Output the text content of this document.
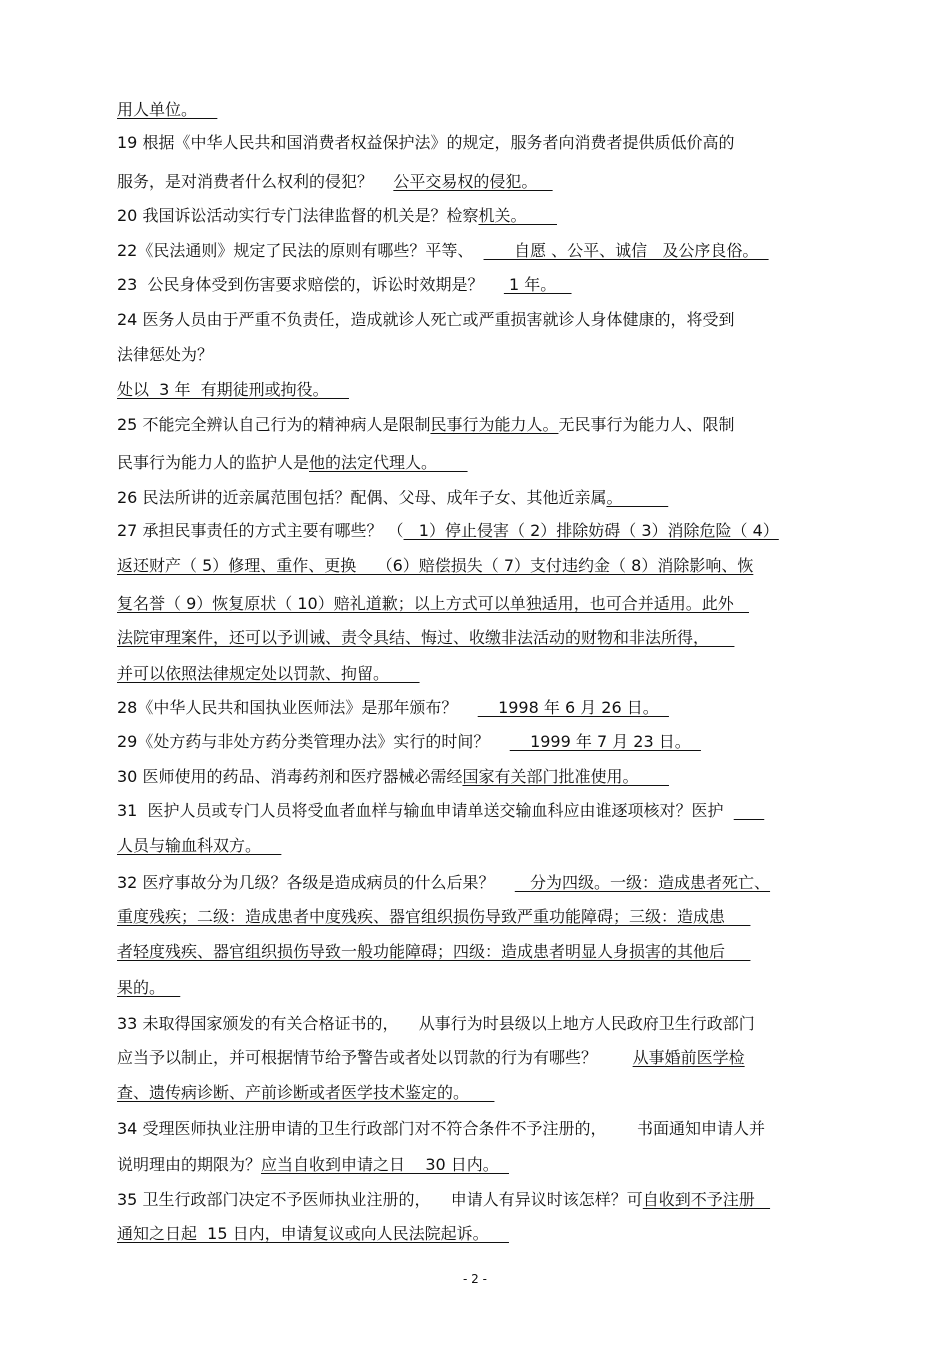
用人单位。
19 根据《中华人民共和国消费者权益保护法》的规定，服务者向消费者提供质低价高的
服务，是对消费者什么权利的侵犯？    公平交易权的侵犯。
20 我国诉讼活动实行专门法律监督的机关是？检察机关。
22《民法通则》规定了民法的原则有哪些？平等、        自愿 、公平、诚信   及公序良俗。
23  公民身体受到伤害要求赔偿的，诉讼时效期是？     1 年。
24 医务人员由于严重不负责任，造成就诊人死亡或严重损害就诊人身体健康的，将受到
法律惩处为？
处以  3 年  有期徒刑或拘役。
25 不能完全辨认自己行为的精神病人是限制民事行为能力人。无民事行为能力人、限制
民事行为能力人的监护人是他的法定代理人。
26 民法所讲的近亲属范围包括？配偶、父母、成年子女、其他近亲属。
27 承担民事责任的方式主要有哪些？ （   1）停止侵害（ 2）排除妨碍（ 3）消除危险（ 4）
返还财产（ 5）修理、重作、更换    （6）赔偿损失（ 7）支付违约金（ 8）消除影响、恢
复名誉（ 9）恢复原状（ 10）赔礼道歉；以上方式可以单独适用，也可合并适用。此外
法院审理案件，还可以予训诫、责令具结、悔过、收缴非法活动的财物和非法所得，
并可以依照法律规定处以罚款、拘留。
28《中华人民共和国执业医师法》是那年颁布？        1998 年 6 月 26 日。
29《处方药与非处方药分类管理办法》实行的时间？        1999 年 7 月 23 日。
30 医师使用的药品、消毒药剂和医疗器械必需经国家有关部门批准使用。
31  医护人员或专门人员将受血者血样与输血申请单送交输血科应由谁逐项核对？医护
人员与输血科双方。
32 医疗事故分为几级？各级是造成病员的什么后果？       分为四级。一级：造成患者死亡、
重度残疾；二级：造成患者中度残疾、器官组织损伤导致严重功能障碍；三级：造成患
者轻度残疾、器官组织损伤导致一般功能障碍；四级：造成患者明显人身损害的其他后
果的。
33 未取得国家颁发的有关合格证书的，    从事行为时县级以上地方人民政府卫生行政部门
应当予以制止，并可根据情节给予警告或者处以罚款的行为有哪些？       从事婚前医学检
查、遗传病诊断、产前诊断或者医学技术鉴定的。
34 受理医师执业注册申请的卫生行政部门对不符合条件不予注册的，      书面通知申请人并
说明理由的期限为？应当自收到申请之日    30 日内。
35 卫生行政部门决定不予医师执业注册的，    申请人有异议时该怎样？可自收到不予注册
通知之日起  15 日内，申请复议或向人民法院起诉。
- 2 -
